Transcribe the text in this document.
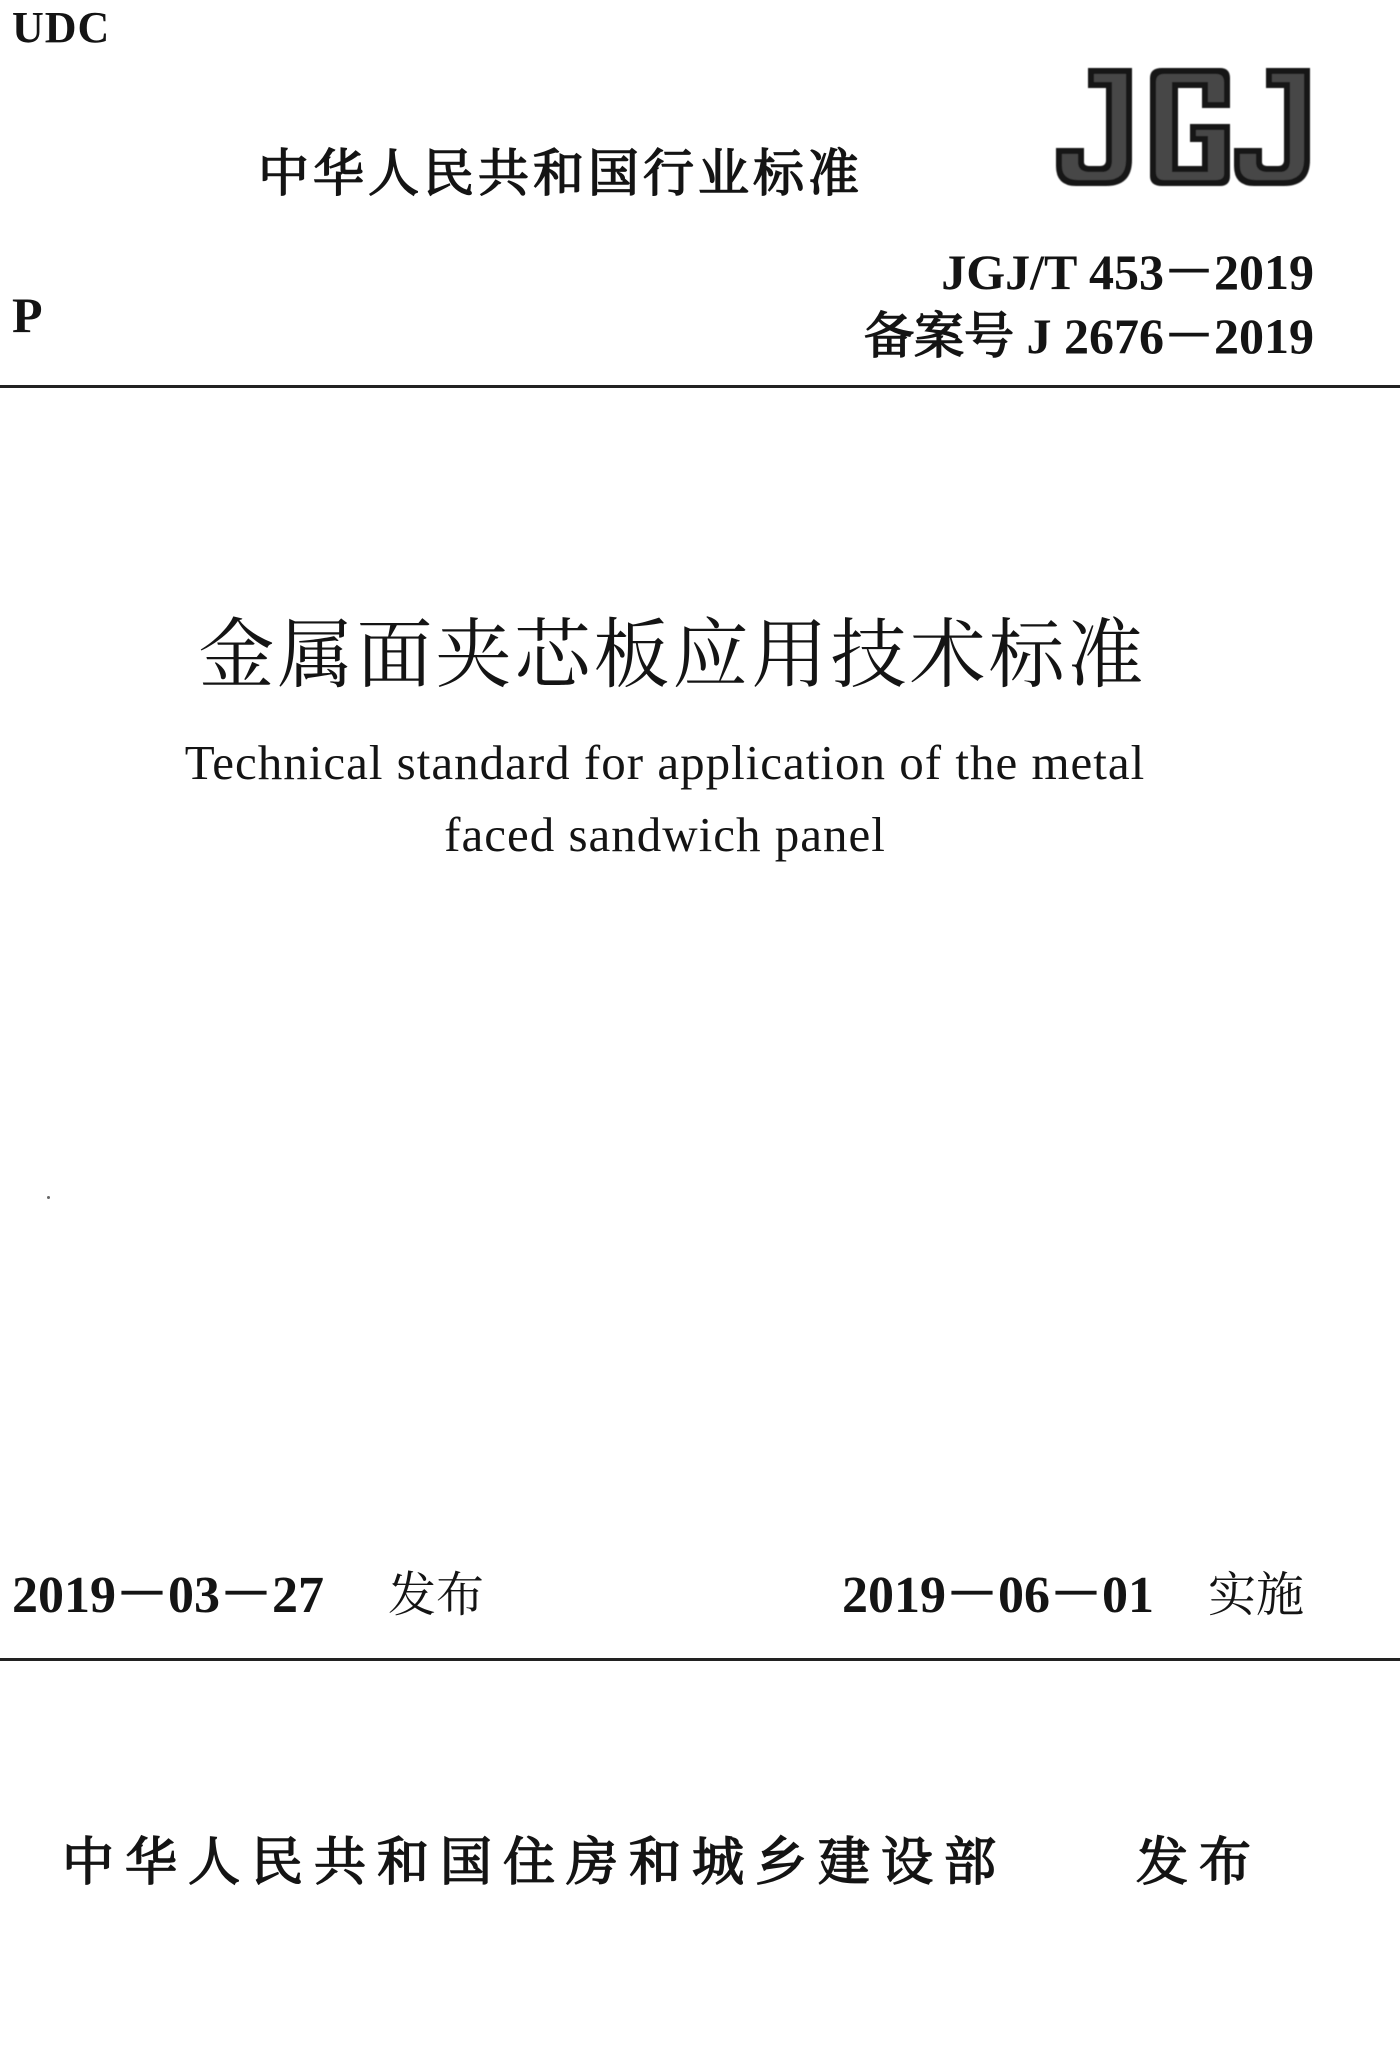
UDC
中华人民共和国行业标准
P
JGJ/T 453－2019
备案号 J 2676－2019
金属面夹芯板应用技术标准
Technical standard for application of the metal
faced sandwich panel
2019－03－27 发布	2019－06－01 实施
中华人民共和国住房和城乡建设部 发布
